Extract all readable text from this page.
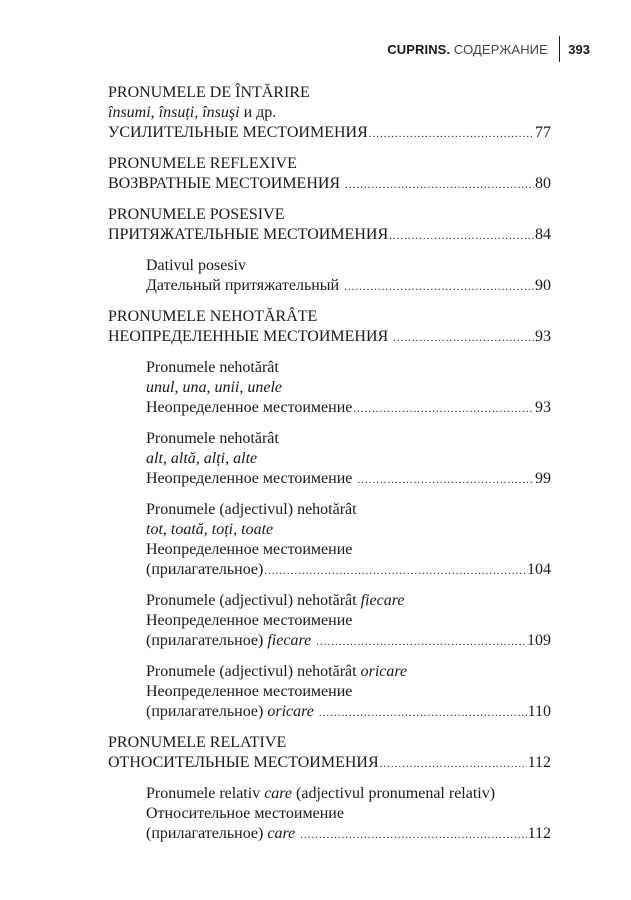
CUPRINS. СОДЕРЖАНИЕ 393
PRONUMELE DE ÎNTĂRIRE
însumi, însuți, însuşi и др.
УСИЛИТЕЛЬНЫЕ МЕСТОИМЕНИЯ .....	77
PRONUMELE REFLEXIVE
ВОЗВРАТНЫЕ МЕСТОИМЕНИЯ .....	80
PRONUMELE POSESIVE
ПРИТЯЖАТЕЛЬНЫЕ МЕСТОИМЕНИЯ .....	84
Dativul posesiv
Дательный притяжательный .....	90
PRONUMELE NEHOTĂRÂTE
НЕОПРЕДЕЛЕННЫЕ МЕСТОИМЕНИЯ .....	93
Pronumele nehotărât
unul, una, unii, unele
Неопределенное местоимение .....	93
Pronumele nehotărât
alt, altă, alți, alte
Неопределенное местоимение .....	99
Pronumele (adjectivul) nehotărât
tot, toată, toți, toate
Неопределенное местоимение
(прилагательное) .....	104
Pronumele (adjectivul) nehotărât fiecare
Неопределенное местоимение
(прилагательное) fiecare .....	109
Pronumele (adjectivul) nehotărât oricare
Неопределенное местоимение
(прилагательное) oricare .....	110
PRONUMELE RELATIVE
ОТНОСИТЕЛЬНЫЕ МЕСТОИМЕНИЯ .....	112
Pronumele relativ care (adjectivul pronumenal relativ)
Относительное местоимение
(прилагательное) care .....	112
